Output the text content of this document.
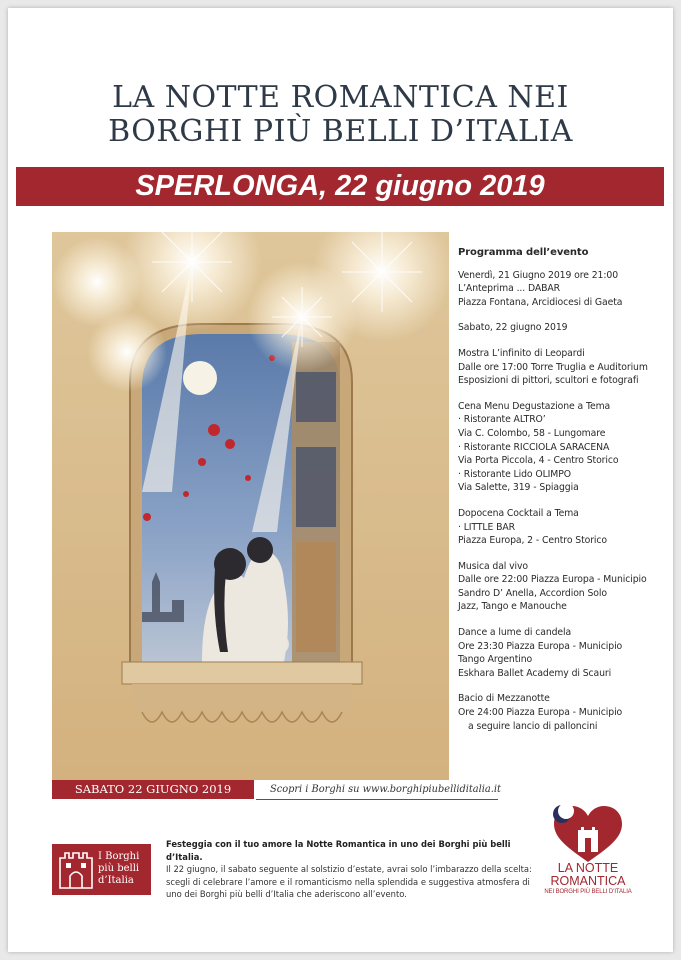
LA NOTTE ROMANTICA NEI
BORGHI PIÙ BELLI D’ITALIA
SPERLONGA, 22 giugno 2019
Programma dell’evento
Venerdì, 21 Giugno 2019 ore 21:00
L’Anteprima ... DABAR
Piazza Fontana, Arcidiocesi di Gaeta
Sabato, 22 giugno 2019
Mostra L’infinito di Leopardi
Dalle ore 17:00 Torre Truglia e Auditorium
Esposizioni di pittori, scultori e fotografi
Cena Menu Degustazione a Tema
· Ristorante ALTRO’
Via C. Colombo, 58 - Lungomare
· Ristorante RICCIOLA SARACENA
Via Porta Piccola, 4 - Centro Storico
· Ristorante Lido OLIMPO
Via Salette, 319 - Spiaggia
Dopocena Cocktail a Tema
· LITTLE BAR
Piazza Europa, 2 - Centro Storico
Musica dal vivo
Dalle ore 22:00 Piazza Europa - Municipio
Sandro D’ Anella, Accordion Solo
Jazz, Tango e Manouche
Dance a lume di candela
Ore 23:30 Piazza Europa - Municipio
Tango Argentino
Eskhara Ballet Academy di Scauri
Bacio di Mezzanotte
Ore 24:00 Piazza Europa - Municipio
a seguire lancio di palloncini
SABATO 22 GIUGNO 2019	Scopri i Borghi su www.borghipiubelliditalia.it
I Borghi
più belli
d’Italia
Festeggia con il tuo amore la Notte Romantica in uno dei Borghi più belli d’Italia.
Il 22 giugno, il sabato seguente al solstizio d’estate, avrai solo l’imbarazzo della scelta: scegli di celebrare l’amore e il romanticismo nella splendida e suggestiva atmosfera di uno dei Borghi più belli d’Italia che aderiscono all’evento.
LA NOTTE
ROMANTICA
NEI BORGHI PIÙ BELLI D’ITALIA
